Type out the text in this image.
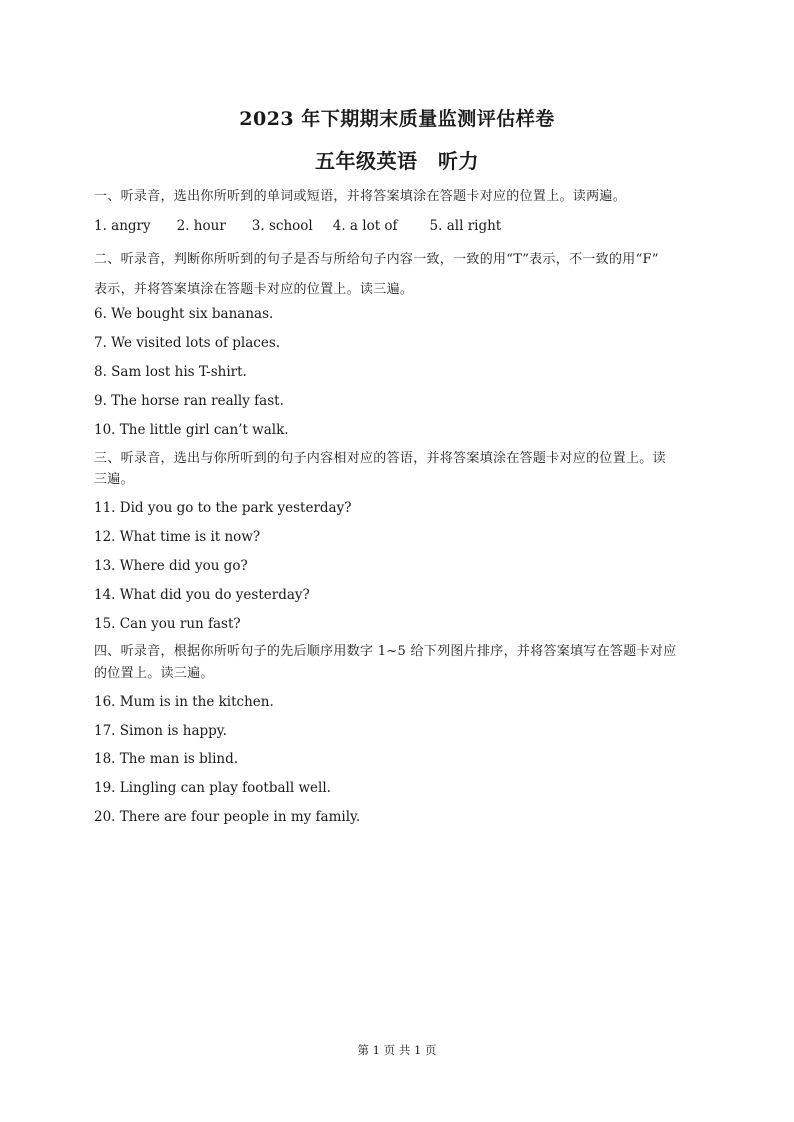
2023 年下期期末质量监测评估样卷
五年级英语　听力
一、听录音，选出你所听到的单词或短语，并将答案填涂在答题卡对应的位置上。读两遍。
1. angry 2. hour 3. school 4. a lot of 5. all right
二、听录音，判断你所听到的句子是否与所给句子内容一致，一致的用“T”表示，不一致的用“F”
表示，并将答案填涂在答题卡对应的位置上。读三遍。
6. We bought six bananas.
7. We visited lots of places.
8. Sam lost his T-shirt.
9. The horse ran really fast.
10. The little girl can’t walk.
三、听录音，选出与你所听到的句子内容相对应的答语，并将答案填涂在答题卡对应的位置上。读
三遍。
11. Did you go to the park yesterday?
12. What time is it now?
13. Where did you go?
14. What did you do yesterday?
15. Can you run fast?
四、听录音，根据你所听句子的先后顺序用数字 1~5 给下列图片排序，并将答案填写在答题卡对应
的位置上。读三遍。
16. Mum is in the kitchen.
17. Simon is happy.
18. The man is blind.
19. Lingling can play football well.
20. There are four people in my family.
第 1 页 共 1 页
